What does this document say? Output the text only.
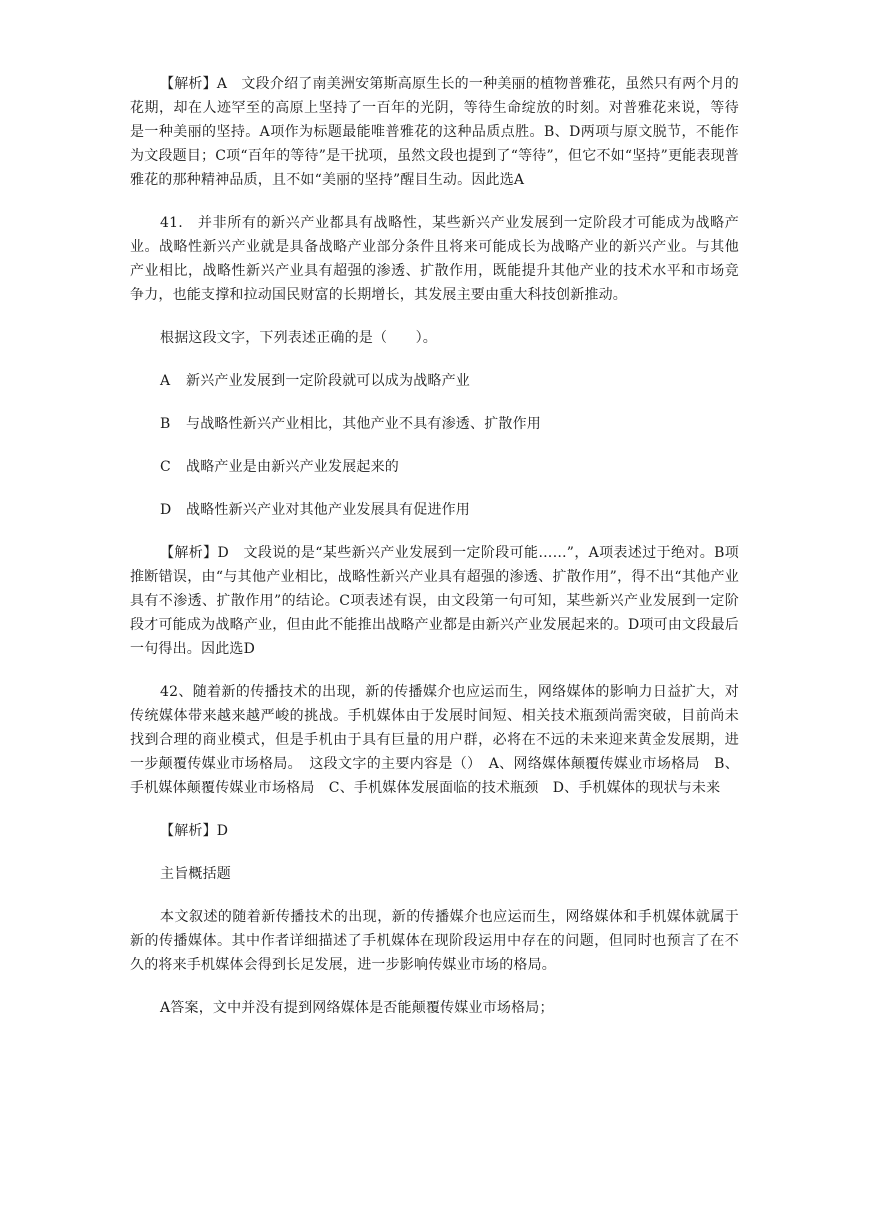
【解析】A　文段介绍了南美洲安第斯高原生长的一种美丽的植物普雅花，虽然只有两个月的花期，却在人迹罕至的高原上坚持了一百年的光阴，等待生命绽放的时刻。对普雅花来说，等待是一种美丽的坚持。A项作为标题最能唯普雅花的这种品质点胜。B、D两项与原文脱节，不能作为文段题目；C项“百年的等待”是干扰项，虽然文段也提到了“等待”，但它不如“坚持”更能表现普雅花的那种精神品质，且不如“美丽的坚持”醒目生动。因此选A

41.　并非所有的新兴产业都具有战略性，某些新兴产业发展到一定阶段才可能成为战略产业。战略性新兴产业就是具备战略产业部分条件且将来可能成长为战略产业的新兴产业。与其他产业相比，战略性新兴产业具有超强的渗透、扩散作用，既能提升其他产业的技术水平和市场竞争力，也能支撑和拉动国民财富的长期增长，其发展主要由重大科技创新推动。

根据这段文字，下列表述正确的是（　　）。

A 新兴产业发展到一定阶段就可以成为战略产业

B 与战略性新兴产业相比，其他产业不具有渗透、扩散作用

C 战略产业是由新兴产业发展起来的

D 战略性新兴产业对其他产业发展具有促进作用

【解析】D　文段说的是“某些新兴产业发展到一定阶段可能……”，A项表述过于绝对。B项推断错误，由“与其他产业相比，战略性新兴产业具有超强的渗透、扩散作用”，得不出“其他产业具有不渗透、扩散作用”的结论。C项表述有误，由文段第一句可知，某些新兴产业发展到一定阶段才可能成为战略产业，但由此不能推出战略产业都是由新兴产业发展起来的。D项可由文段最后一句得出。因此选D

42、随着新的传播技术的出现，新的传播媒介也应运而生，网络媒体的影响力日益扩大，对传统媒体带来越来越严峻的挑战。手机媒体由于发展时间短、相关技术瓶颈尚需突破，目前尚未找到合理的商业模式，但是手机由于具有巨量的用户群，必将在不远的未来迎来黄金发展期，进一步颠覆传媒业市场格局。　这段文字的主要内容是（）　A、网络媒体颠覆传媒业市场格局　B、手机媒体颠覆传媒业市场格局　C、手机媒体发展面临的技术瓶颈　D、手机媒体的现状与未来

【解析】D

主旨概括题

本文叙述的随着新传播技术的出现，新的传播媒介也应运而生，网络媒体和手机媒体就属于新的传播媒体。其中作者详细描述了手机媒体在现阶段运用中存在的问题，但同时也预言了在不久的将来手机媒体会得到长足发展，进一步影响传媒业市场的格局。

A答案，文中并没有提到网络媒体是否能颠覆传媒业市场格局；
